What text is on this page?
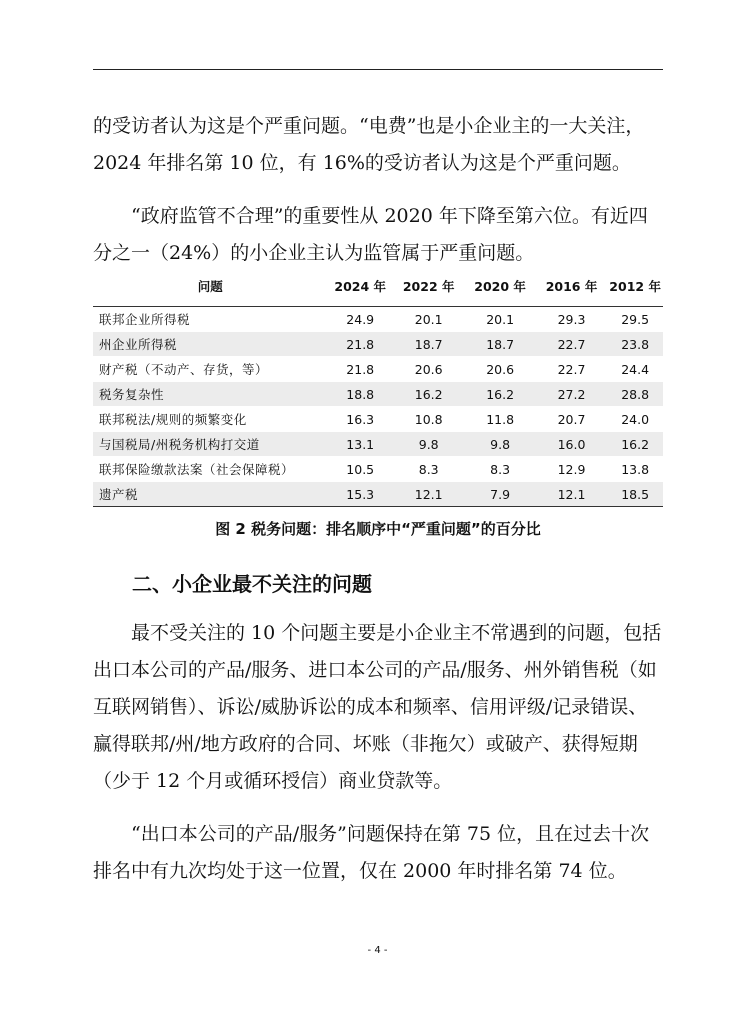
的受访者认为这是个严重问题。“电费”也是小企业主的一大关注，2024 年排名第 10 位，有 16%的受访者认为这是个严重问题。

“政府监管不合理”的重要性从 2020 年下降至第六位。有近四分之一（24%）的小企业主认为监管属于严重问题。

问题	2024 年	2022 年	2020 年	2016 年	2012 年
联邦企业所得税	24.9	20.1	20.1	29.3	29.5
州企业所得税	21.8	18.7	18.7	22.7	23.8
财产税（不动产、存货，等）	21.8	20.6	20.6	22.7	24.4
税务复杂性	18.8	16.2	16.2	27.2	28.8
联邦税法/规则的频繁变化	16.3	10.8	11.8	20.7	24.0
与国税局/州税务机构打交道	13.1	9.8	9.8	16.0	16.2
联邦保险缴款法案（社会保障税）	10.5	8.3	8.3	12.9	13.8
遗产税	15.3	12.1	7.9	12.1	18.5
图 2 税务问题：排名顺序中“严重问题”的百分比
二、小企业最不关注的问题

最不受关注的 10 个问题主要是小企业主不常遇到的问题，包括出口本公司的产品/服务、进口本公司的产品/服务、州外销售税（如互联网销售）、诉讼/威胁诉讼的成本和频率、信用评级/记录错误、赢得联邦/州/地方政府的合同、坏账（非拖欠）或破产、获得短期（少于 12 个月或循环授信）商业贷款等。

“出口本公司的产品/服务”问题保持在第 75 位，且在过去十次排名中有九次均处于这一位置，仅在 2000 年时排名第 74 位。

- 4 -
